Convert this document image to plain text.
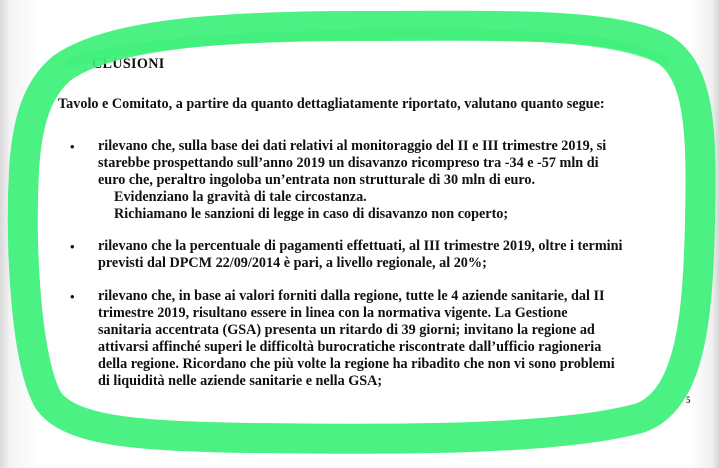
CLUSIONI
Tavolo e Comitato, a partire da quanto dettagliatamente riportato, valutano quanto segue:
• rilevano che, sulla base dei dati relativi al monitoraggio del II e III trimestre 2019, si
starebbe prospettando sull’anno 2019 un disavanzo ricompreso tra -34 e -57 mln di
euro che, peraltro ingoloba un’entrata non strutturale di 30 mln di euro.
Evidenziano la gravità di tale circostanza.
Richiamano le sanzioni di legge in caso di disavanzo non coperto;
• rilevano che la percentuale di pagamenti effettuati, al III trimestre 2019, oltre i termini
previsti dal DPCM 22/09/2014 è pari, a livello regionale, al 20%;
• rilevano che, in base ai valori forniti dalla regione, tutte le 4 aziende sanitarie, dal II
trimestre 2019, risultano essere in linea con la normativa vigente. La Gestione
sanitaria accentrata (GSA) presenta un ritardo di 39 giorni; invitano la regione ad
attivarsi affinché superi le difficoltà burocratiche riscontrate dall’ufficio ragioneria
della regione. Ricordano che più volte la regione ha ribadito che non vi sono problemi
di liquidità nelle aziende sanitarie e nella GSA;
5
